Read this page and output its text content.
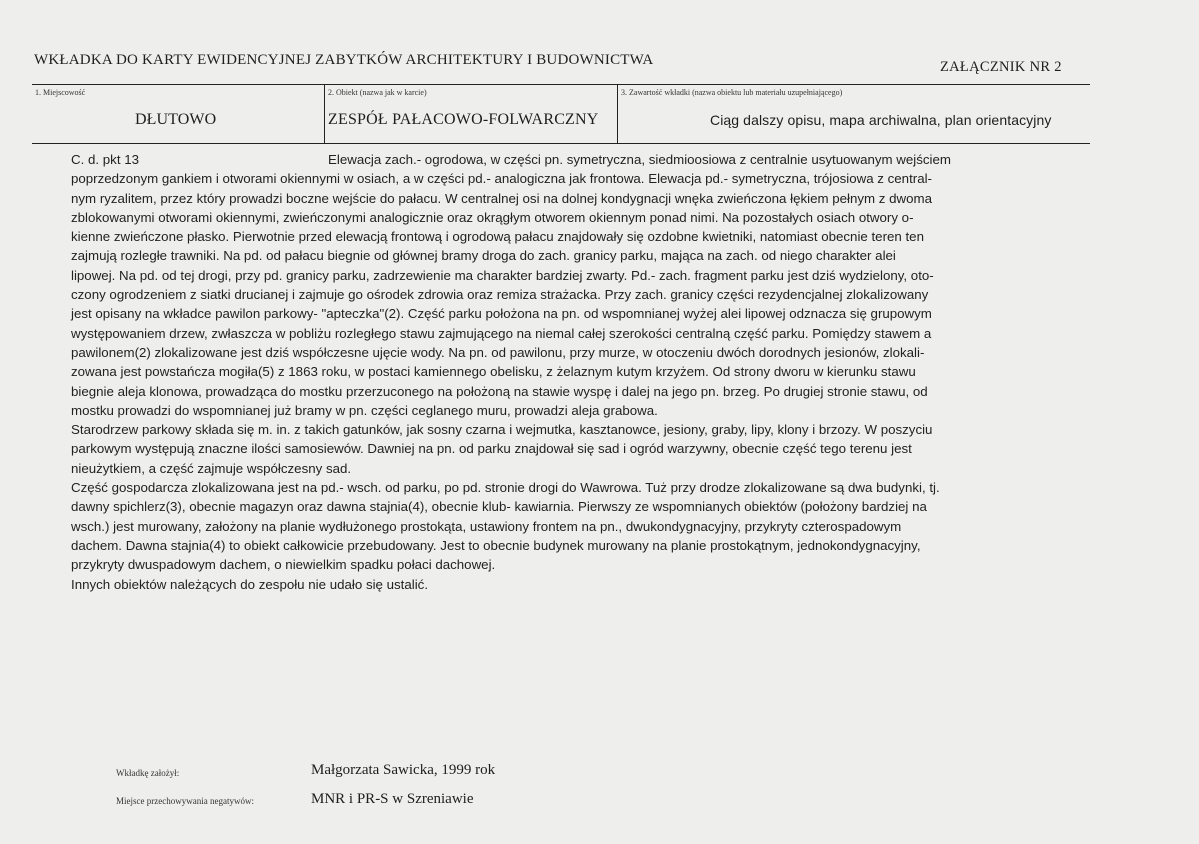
WKŁADKA DO KARTY EWIDENCYJNEJ ZABYTKÓW ARCHITEKTURY I BUDOWNICTWA	ZAŁĄCZNIK NR 2
1. Miejscowość
DŁUTOWO
2. Obiekt (nazwa jak w karcie)
ZESPÓŁ PAŁACOWO-FOLWARCZNY
3. Zawartość wkładki (nazwa obiektu lub materiału uzupełniającego)
Ciąg dalszy opisu, mapa archiwalna, plan orientacyjny
C. d. pkt 13	Elewacja zach.- ogrodowa, w części pn. symetryczna, siedmioosiowa z centralnie usytuowanym wejściem
poprzedzonym gankiem i otworami okiennymi w osiach, a w części pd.- analogiczna jak frontowa. Elewacja pd.- symetryczna, trójosiowa z central-
nym ryzalitem, przez który prowadzi boczne wejście do pałacu. W centralnej osi na dolnej kondygnacji wnęka zwieńczona łękiem pełnym z dwoma
zblokowanymi otworami okiennymi, zwieńczonymi analogicznie oraz okrągłym otworem okiennym ponad nimi. Na pozostałych osiach otwory o-
kienne zwieńczone płasko. Pierwotnie przed elewacją frontową i ogrodową pałacu znajdowały się ozdobne kwietniki, natomiast obecnie teren ten
zajmują rozległe trawniki. Na pd. od pałacu biegnie od głównej bramy droga do zach. granicy parku, mająca na zach. od niego charakter alei
lipowej. Na pd. od tej drogi, przy pd. granicy parku, zadrzewienie ma charakter bardziej zwarty. Pd.- zach. fragment parku jest dziś wydzielony, oto-
czony ogrodzeniem z siatki drucianej i zajmuje go ośrodek zdrowia oraz remiza strażacka. Przy zach. granicy części rezydencjalnej zlokalizowany
jest opisany na wkładce pawilon parkowy- "apteczka"(2). Część parku położona na pn. od wspomnianej wyżej alei lipowej odznacza się grupowym
występowaniem drzew, zwłaszcza w pobliżu rozległego stawu zajmującego na niemal całej szerokości centralną część parku. Pomiędzy stawem a
pawilonem(2) zlokalizowane jest dziś współczesne ujęcie wody. Na pn. od pawilonu, przy murze, w otoczeniu dwóch dorodnych jesionów, zlokali-
zowana jest powstańcza mogiła(5) z 1863 roku, w postaci kamiennego obelisku, z żelaznym kutym krzyżem. Od strony dworu w kierunku stawu
biegnie aleja klonowa, prowadząca do mostku przerzuconego na położoną na stawie wyspę i dalej na jego pn. brzeg. Po drugiej stronie stawu, od
mostku prowadzi do wspomnianej już bramy w pn. części ceglanego muru, prowadzi aleja grabowa.
Starodrzew parkowy składa się m. in. z takich gatunków, jak sosny czarna i wejmutka, kasztanowce, jesiony, graby, lipy, klony i brzozy. W poszyciu
parkowym występują znaczne ilości samosiewów. Dawniej na pn. od parku znajdował się sad i ogród warzywny, obecnie część tego terenu jest
nieużytkiem, a część zajmuje współczesny sad.
Część gospodarcza zlokalizowana jest na pd.- wsch. od parku, po pd. stronie drogi do Wawrowa. Tuż przy drodze zlokalizowane są dwa budynki, tj.
dawny spichlerz(3), obecnie magazyn oraz dawna stajnia(4), obecnie klub- kawiarnia. Pierwszy ze wspomnianych obiektów (położony bardziej na
wsch.) jest murowany, założony na planie wydłużonego prostokąta, ustawiony frontem na pn., dwukondygnacyjny, przykryty czterospadowym
dachem. Dawna stajnia(4) to obiekt całkowicie przebudowany. Jest to obecnie budynek murowany na planie prostokątnym, jednokondygnacyjny,
przykryty dwuspadowym dachem, o niewielkim spadku połaci dachowej.
Innych obiektów należących do zespołu nie udało się ustalić.
Wkładkę założył:	Małgorzata Sawicka, 1999 rok
Miejsce przechowywania negatywów:	MNR i PR-S w Szreniawie
